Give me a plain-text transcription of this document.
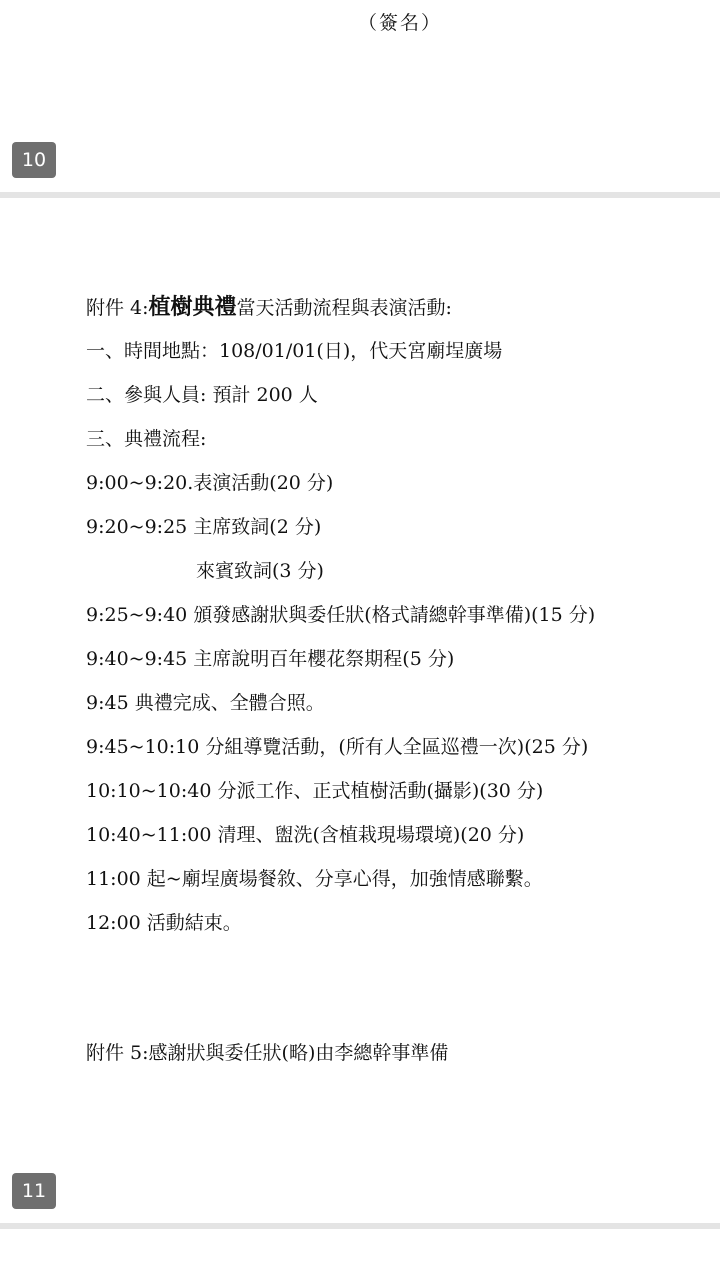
（簽名）
10
附件 4:植樹典禮當天活動流程與表演活動:
一、時間地點：108/01/01(日)，代天宮廟埕廣場
二、參與人員: 預計 200 人
三、典禮流程:
9:00~9:20.表演活動(20 分)
9:20~9:25 主席致詞(2 分)
來賓致詞(3 分)
9:25~9:40 頒發感謝狀與委任狀(格式請總幹事準備)(15 分)
9:40~9:45 主席說明百年櫻花祭期程(5 分)
9:45 典禮完成、全體合照。
9:45~10:10 分組導覽活動，(所有人全區巡禮一次)(25 分)
10:10~10:40 分派工作、正式植樹活動(攝影)(30 分)
10:40~11:00 清理、盥洗(含植栽現場環境)(20 分)
11:00 起~廟埕廣場餐敘、分享心得，加強情感聯繫。
12:00 活動結束。
附件 5:感謝狀與委任狀(略)由李總幹事準備
11
